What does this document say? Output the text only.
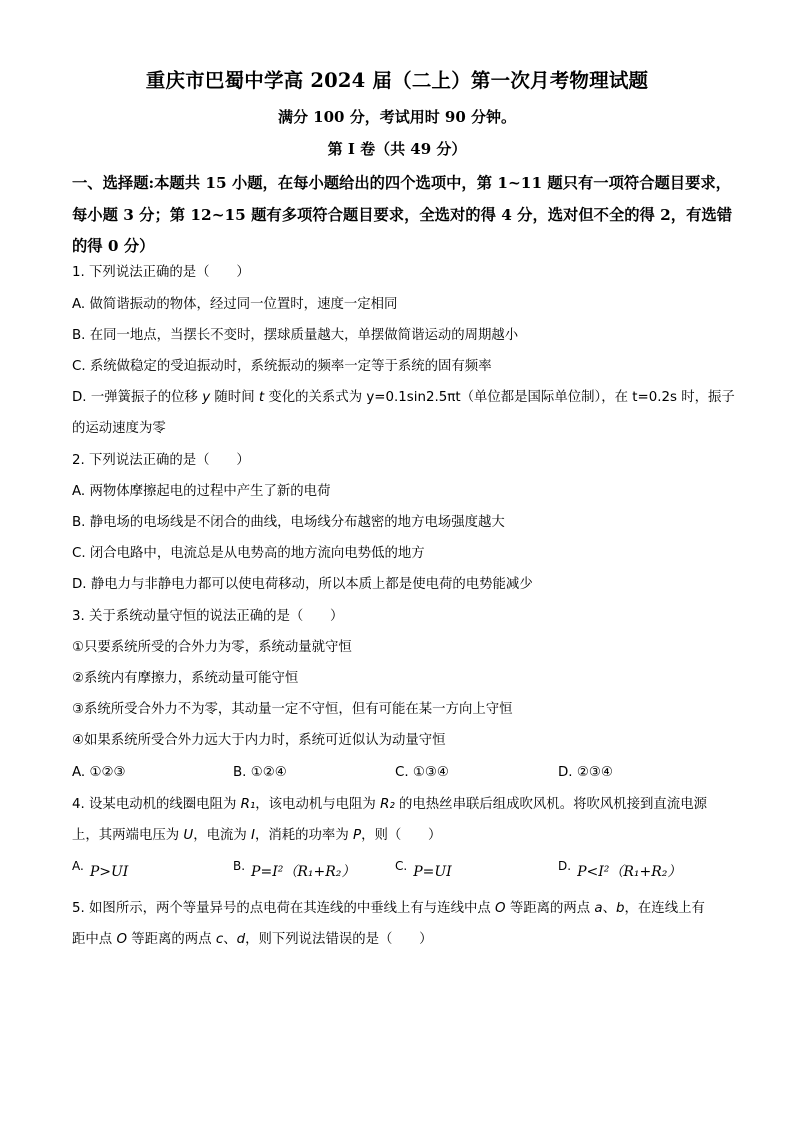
重庆市巴蜀中学高 2024 届（二上）第一次月考物理试题
满分 100 分，考试用时 90 分钟。
第 I 卷（共 49 分）
一、选择题:本题共 15 小题，在每小题给出的四个选项中，第 1~11 题只有一项符合题目要求，每小题 3 分；第 12~15 题有多项符合题目要求，全选对的得 4 分，选对但不全的得 2，有选错的得 0 分）
1. 下列说法正确的是（　　）
A. 做简谐振动的物体，经过同一位置时，速度一定相同
B. 在同一地点，当摆长不变时，摆球质量越大，单摆做简谐运动的周期越小
C. 系统做稳定的受迫振动时，系统振动的频率一定等于系统的固有频率
D. 一弹簧振子的位移 y 随时间 t 变化的关系式为 y=0.1sin2.5πt（单位都是国际单位制），在 t=0.2s 时，振子
的运动速度为零
2. 下列说法正确的是（　　）
A. 两物体摩擦起电的过程中产生了新的电荷
B. 静电场的电场线是不闭合的曲线，电场线分布越密的地方电场强度越大
C. 闭合电路中，电流总是从电势高的地方流向电势低的地方
D. 静电力与非静电力都可以使电荷移动，所以本质上都是使电荷的电势能减少
3. 关于系统动量守恒的说法正确的是（　　）
①只要系统所受的合外力为零，系统动量就守恒
②系统内有摩擦力，系统动量可能守恒
③系统所受合外力不为零，其动量一定不守恒，但有可能在某一方向上守恒
④如果系统所受合外力远大于内力时，系统可近似认为动量守恒
A. ①②③	B. ①②④	C. ①③④	D. ②③④
4. 设某电动机的线圈电阻为 R₁，该电动机与电阻为 R₂ 的电热丝串联后组成吹风机。将吹风机接到直流电源
上，其两端电压为 U，电流为 I，消耗的功率为 P，则（　　）
A. P>UI	B. P=I²（R₁+R₂）	C. P=UI	D. P<I²（R₁+R₂）
5. 如图所示，两个等量异号的点电荷在其连线的中垂线上有与连线中点 O 等距离的两点 a、b，在连线上有
距中点 O 等距离的两点 c、d，则下列说法错误的是（　　）
